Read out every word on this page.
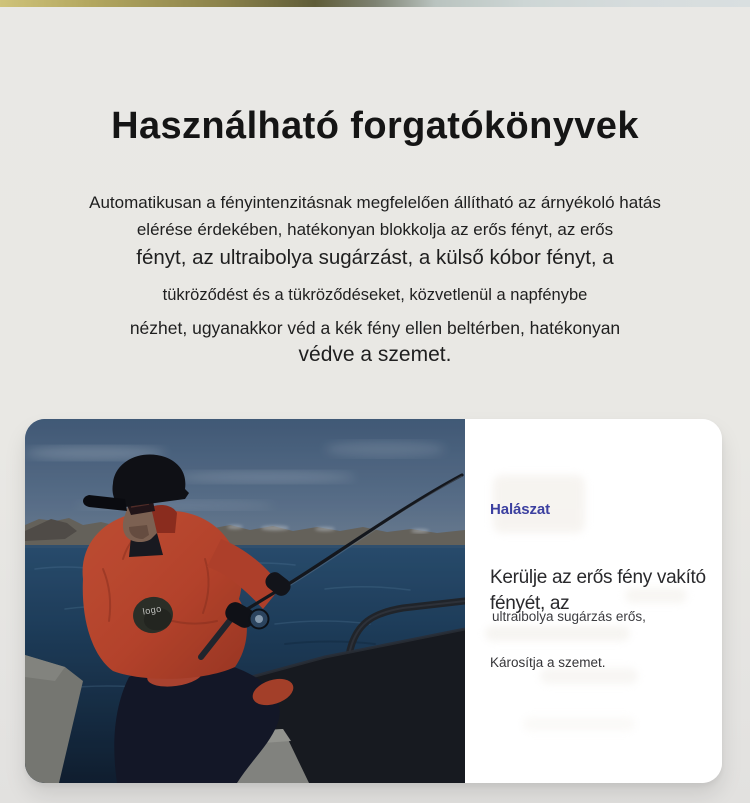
Használható forgatókönyvek
Automatikusan a fényintenzitásnak megfelelően állítható az árnyékoló hatás
elérése érdekében, hatékonyan blokkolja az erős fényt, az erős
fényt, az ultraibolya sugárzást, a külső kóbor fényt, a
tükröződést és a tükröződéseket, közvetlenül a napfénybe
nézhet, ugyanakkor véd a kék fény ellen beltérben, hatékonyan
védve a szemet.
logo
Halászat
Kerülje az erős fény vakító
fényét, az
ultraibolya sugárzás erős,
Károsítja a szemet.
